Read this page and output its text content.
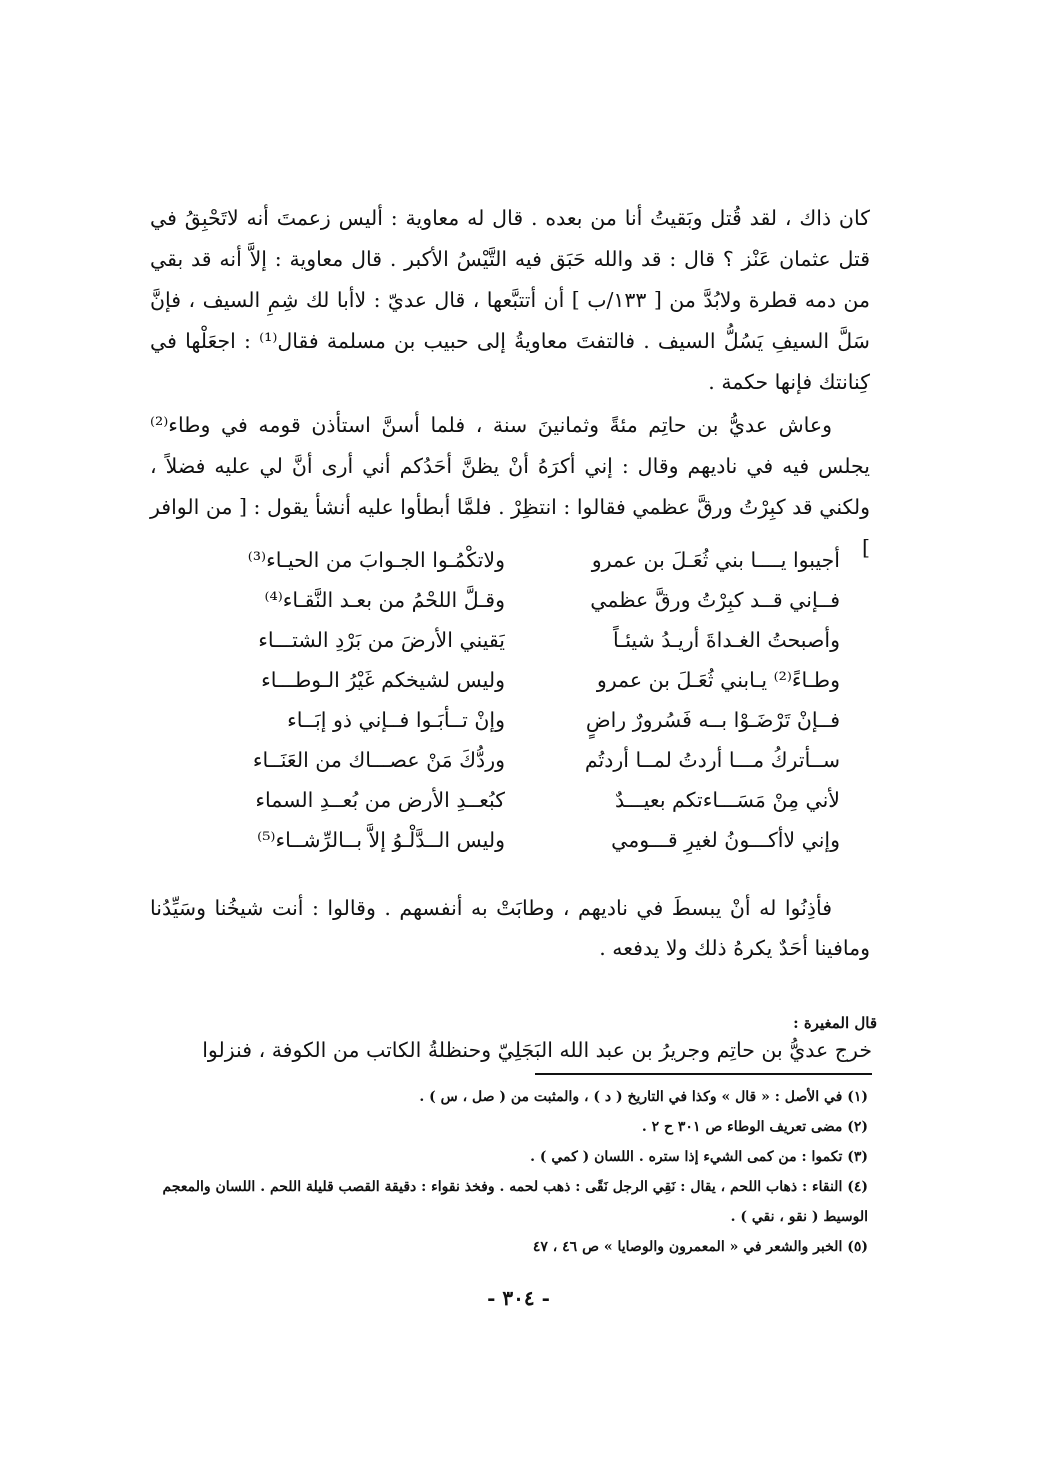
كان ذاك ، لقد قُتل وبَقيتُ أنا من بعده . قال له معاوية : أليس زعمتَ أنه لاتَحْبِقُ في قتل عثمان عَنْز ؟ قال : قد والله حَبَق فيه التَّيْسُ الأكبر . قال معاوية : إلاَّ أنه قد بقي من دمه قطرة ولابُدَّ من [ ١٣٣/ب ] أن أتتبَّعها ، قال عديّ : لاأبا لك شِمِ السيف ، فإنَّ سَلَّ السيفِ يَسُلُّ السيف . فالتفتَ معاويةُ إلى حبيب بن مسلمة فقال⁽¹⁾ : اجعَلْها في كِنانتك فإنها حكمة .

وعاش عديُّ بن حاتِم مئةً وثمانينَ سنة ، فلما أسنَّ استأذن قومه في وطاء⁽²⁾ يجلس فيه في ناديهم وقال : إني أكرَهُ أنْ يظنَّ أحَدُكم أني أرى أنَّ لي عليه فضلاً ، ولكني قد كبِرْتُ ورقَّ عظمي فقالوا : انتظِرْ . فلمَّا أبطأوا عليه أنشأ يقول : [ من الوافر ]

أجيبوا يــــا بني ثُعَـلَ بن عمرو
ولاتكْمُـوا الجـوابَ من الحيـاء⁽³⁾
فــإني قــد كبِرْتُ ورقَّ عظمي
وقـلَّ اللحْمُ من بعـد النَّقـاء⁽⁴⁾
وأصبحتُ الغـداةَ أريـدُ شيئـاً
يَقيني الأرضَ من بَرْدِ الشتـــاء
وطـاءً⁽²⁾ يـابني ثُعَـلَ بن عمرو
وليس لشيخكم غَيْرُ الـوطـــاء
فــإنْ تَرْضَـوْا بــه فَسُرورٌ راضٍ
وإنْ تــأبَـوا فــإني ذو إبَــاء
ســأتركُ مـــا أردتُ لمــا أردتُم
وردُّكَ مَنْ عصـــاك من العَنَــاء
لأني مِنْ مَسَـــاءتكم بعيـــدٌ
كبُعــدِ الأرض من بُعــدِ السماء
وإني لاأكـــونُ لغيرِ قـــومي
وليس الــدَّلْـوُ إلاَّ بــالرِّشــاء⁽⁵⁾

فأذِنُوا له أنْ يبسطَ في ناديهم ، وطابَتْ به أنفسهم . وقالوا : أنت شيخُنا وسَيِّدُنا ومافينا أحَدٌ يكرهُ ذلك ولا يدفعه .

قال المغيرة :
خرج عديُّ بن حاتِم وجريرُ بن عبد الله البَجَلِيّ وحنظلةُ الكاتب من الكوفة ، فنزلوا

(١) في الأصل : « قال » وكذا في التاريخ ( د ) ، والمثبت من ( صل ، س ) .

(٢) مضى تعريف الوطاء ص ٣٠١ ح ٢ .

(٣) تكموا : من كمى الشيء إذا ستره . اللسان ( كمي ) .

(٤) النقاء : ذهاب اللحم ، يقال : نَقِي الرجل نَقًى : ذهب لحمه . وفخذ نقواء : دقيقة القصب قليلة اللحم . اللسان والمعجم الوسيط ( نقو ، نقي ) .

(٥) الخبر والشعر في « المعمرون والوصايا » ص ٤٦ ، ٤٧

- ٣٠٤ -
